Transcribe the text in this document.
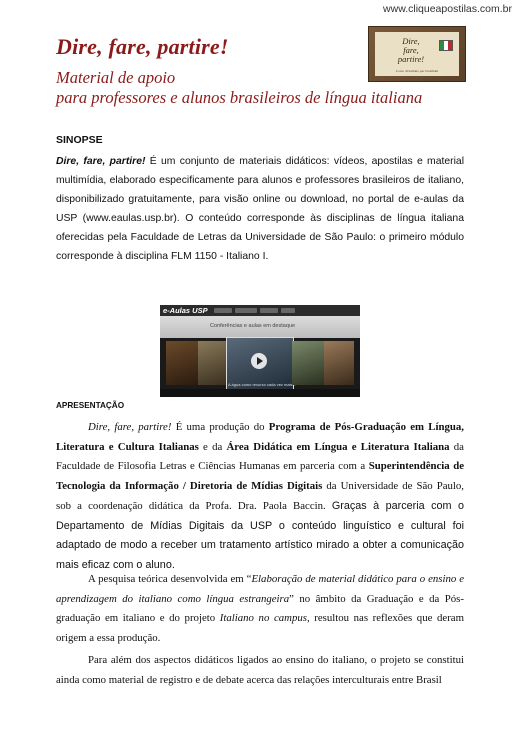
www.cliqueapostilas.com.br
Dire, fare, partire!
Material de apoio
para professores e alunos brasileiros de língua italiana
Dire,
fare,
partire!
Corso di italiano per brasiliani
SINOPSE

Dire, fare, partire! É um conjunto de materiais didáticos: vídeos, apostilas e material multimídia, elaborado especificamente para alunos e professores brasileiros de italiano, disponibilizado gratuitamente, para visão online ou download, no portal de e-aulas da USP (www.eaulas.usp.br). O conteúdo corresponde às disciplinas de língua italiana oferecidas pela Faculdade de Letras da Universidade de São Paulo: o primeiro módulo corresponde à disciplina FLM 1150 - Italiano I.

e-Aulas USP
Conferências e aulas em destaque
A água como recurso cada vez mais...
APRESENTAÇÃO

Dire, fare, partire! É uma produção do Programa de Pós-Graduação em Língua, Literatura e Cultura Italianas e da Área Didática em Língua e Literatura Italiana da Faculdade de Filosofia Letras e Ciências Humanas em parceria com a Superintendência de Tecnologia da Informação / Diretoria de Mídias Digitais da Universidade de São Paulo, sob a coordenação didática da Profa. Dra. Paola Baccin. Graças à parceria com o Departamento de Mídias Digitais da USP o conteúdo linguístico e cultural foi adaptado de modo a receber um tratamento artístico mirado a obter a comunicação mais eficaz com o aluno.

A pesquisa teórica desenvolvida em “Elaboração de material didático para o ensino e aprendizagem do italiano como língua estrangeira” no âmbito da Graduação e da Pós-graduação em italiano e do projeto Italiano no campus, resultou nas reflexões que deram origem a essa produção.

Para além dos aspectos didáticos ligados ao ensino do italiano, o projeto se constitui ainda como material de registro e de debate acerca das relações interculturais entre Brasil
